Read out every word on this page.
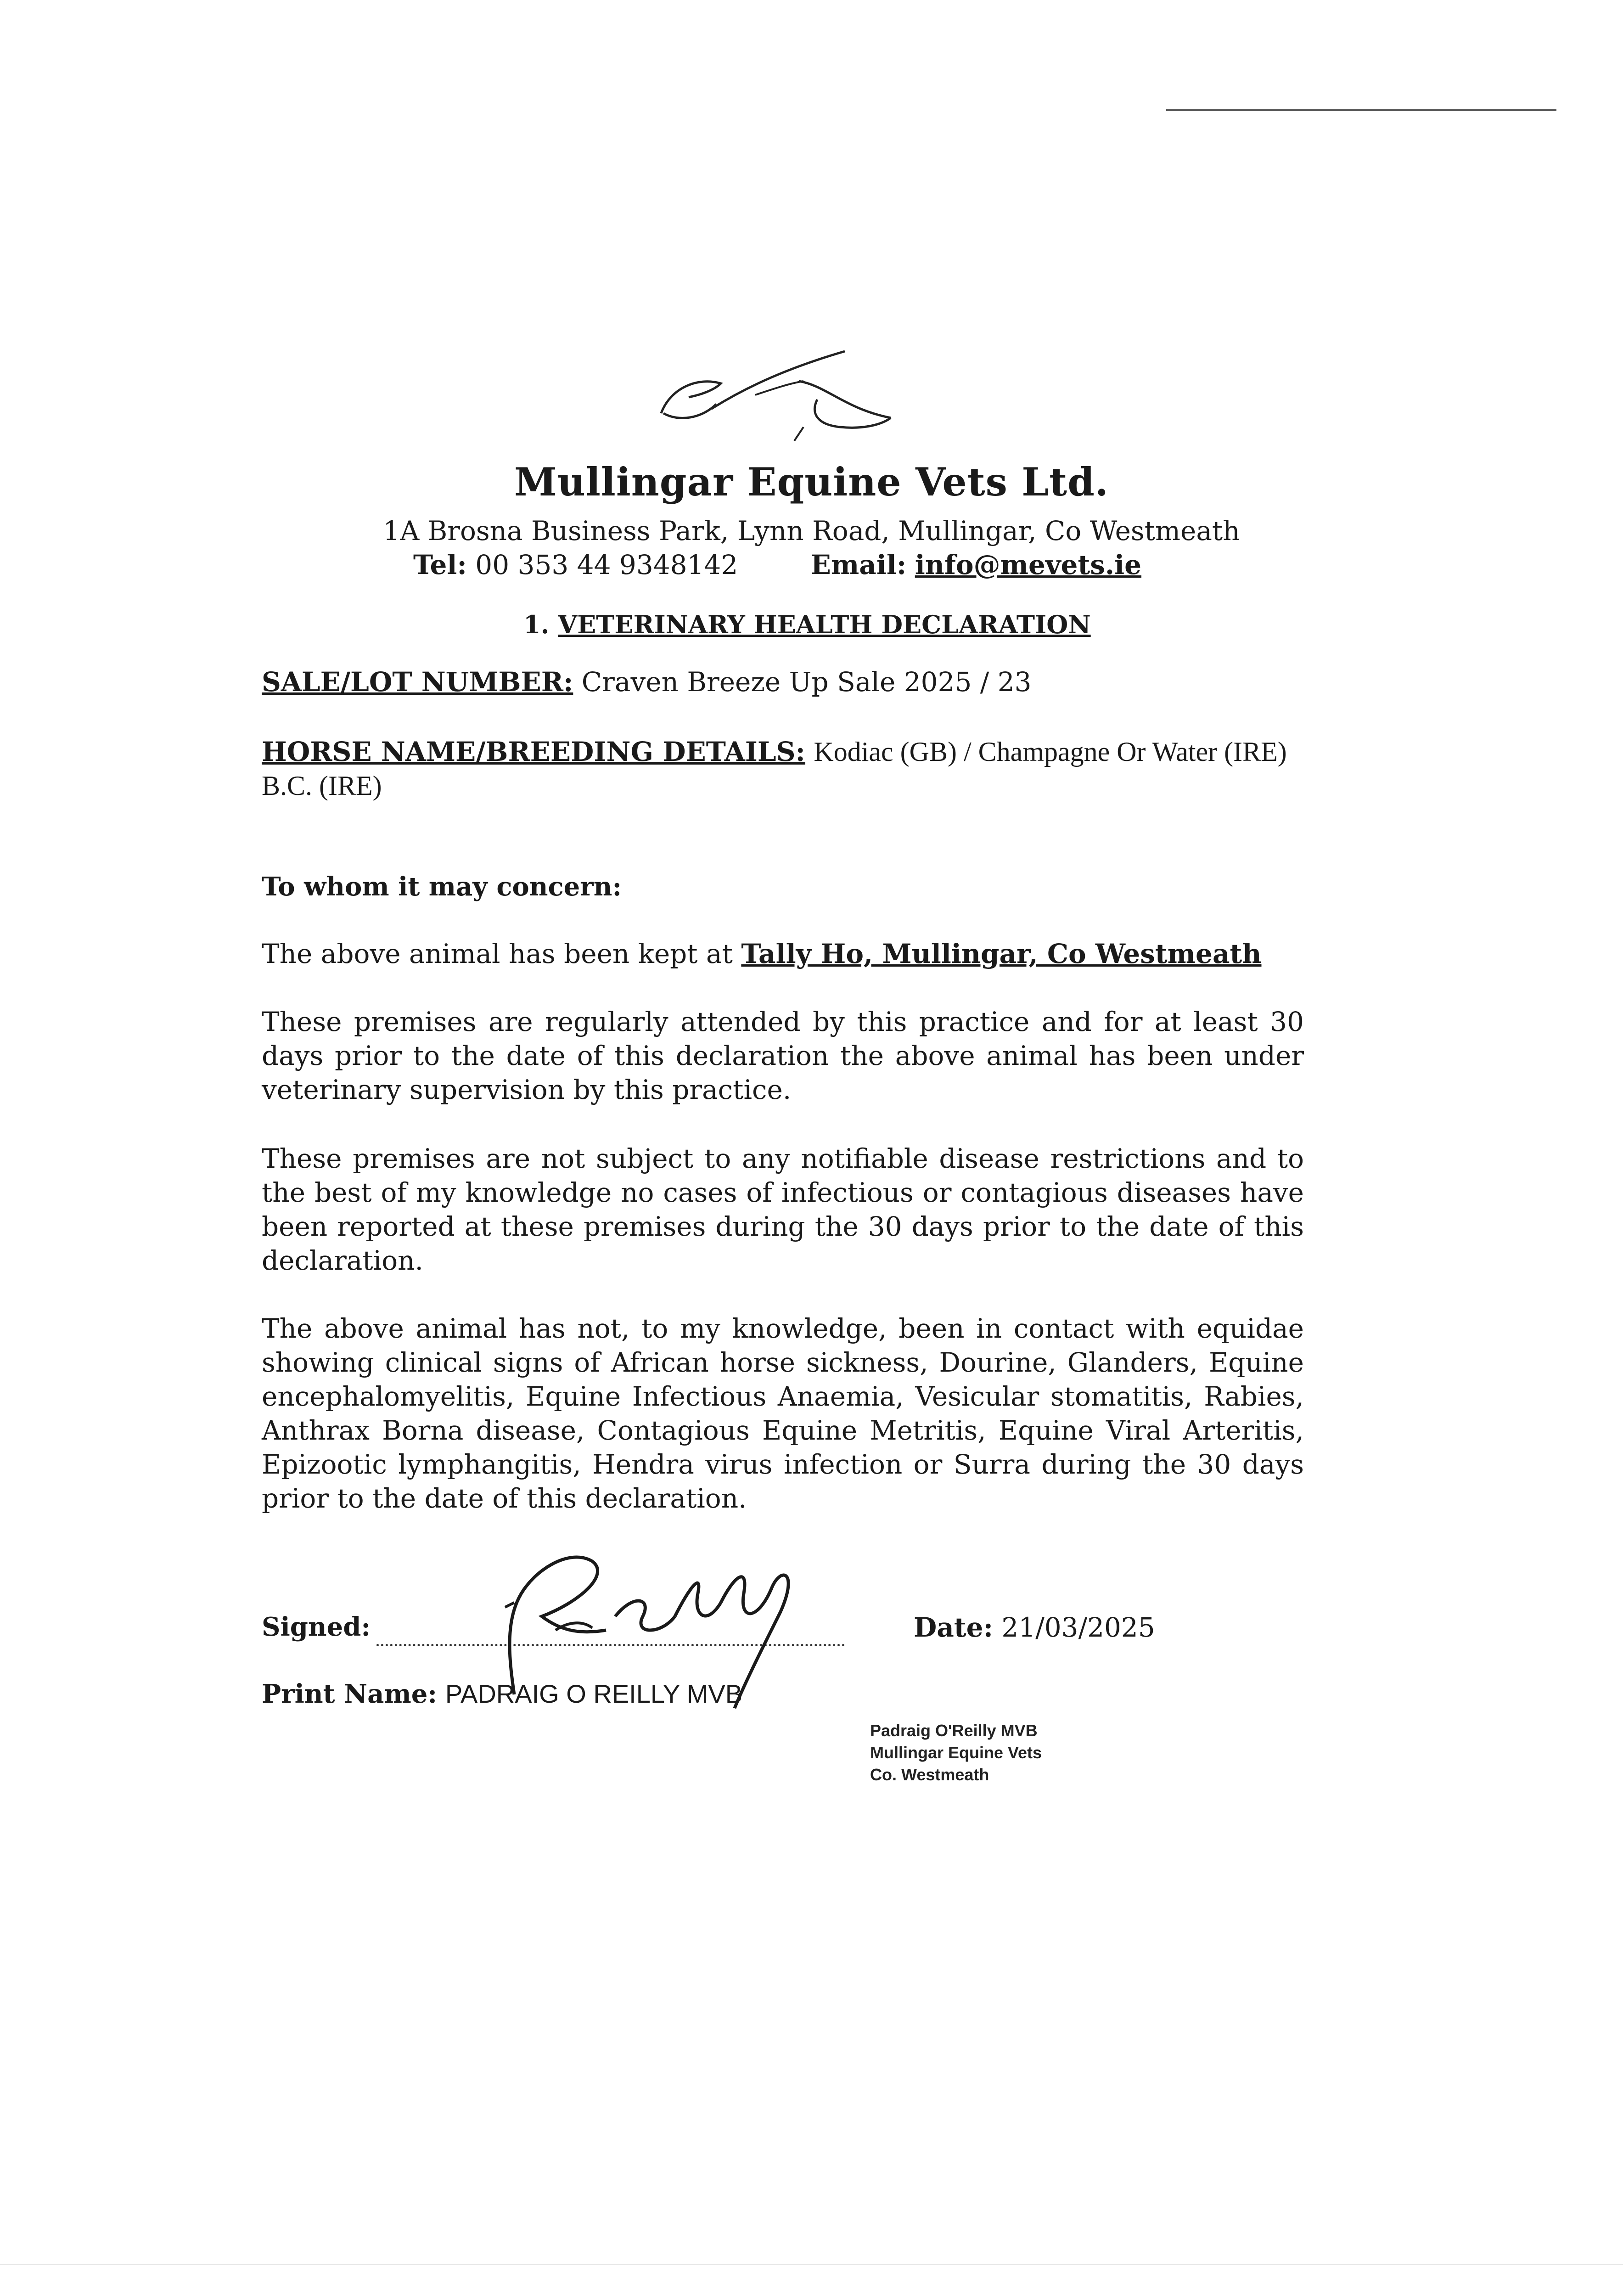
Mullingar Equine Vets Ltd.
1A Brosna Business Park, Lynn Road, Mullingar, Co Westmeath
Tel: 00 353 44 9348142	Email: info@mevets.ie
1. VETERINARY HEALTH DECLARATION
SALE/LOT NUMBER: Craven Breeze Up Sale 2025 / 23
HORSE NAME/BREEDING DETAILS: Kodiac (GB) / Champagne Or Water (IRE) B.C. (IRE)
To whom it may concern:
The above animal has been kept at Tally Ho, Mullingar, Co Westmeath
These premises are regularly attended by this practice and for at least 30 days prior to the date of this declaration the above animal has been under veterinary supervision by this practice.
These premises are not subject to any notifiable disease restrictions and to the best of my knowledge no cases of infectious or contagious diseases have been reported at these premises during the 30 days prior to the date of this declaration.
The above animal has not, to my knowledge, been in contact with equidae showing clinical signs of African horse sickness, Dourine, Glanders, Equine encephalomyelitis, Equine Infectious Anaemia, Vesicular stomatitis, Rabies, Anthrax Borna disease, Contagious Equine Metritis, Equine Viral Arteritis, Epizootic lymphangitis, Hendra virus infection or Surra during the 30 days prior to the date of this declaration.
Signed:	Date: 21/03/2025
Print Name: PADRAIG O REILLY MVB
Padraig O'Reilly MVB
Mullingar Equine Vets
Co. Westmeath
